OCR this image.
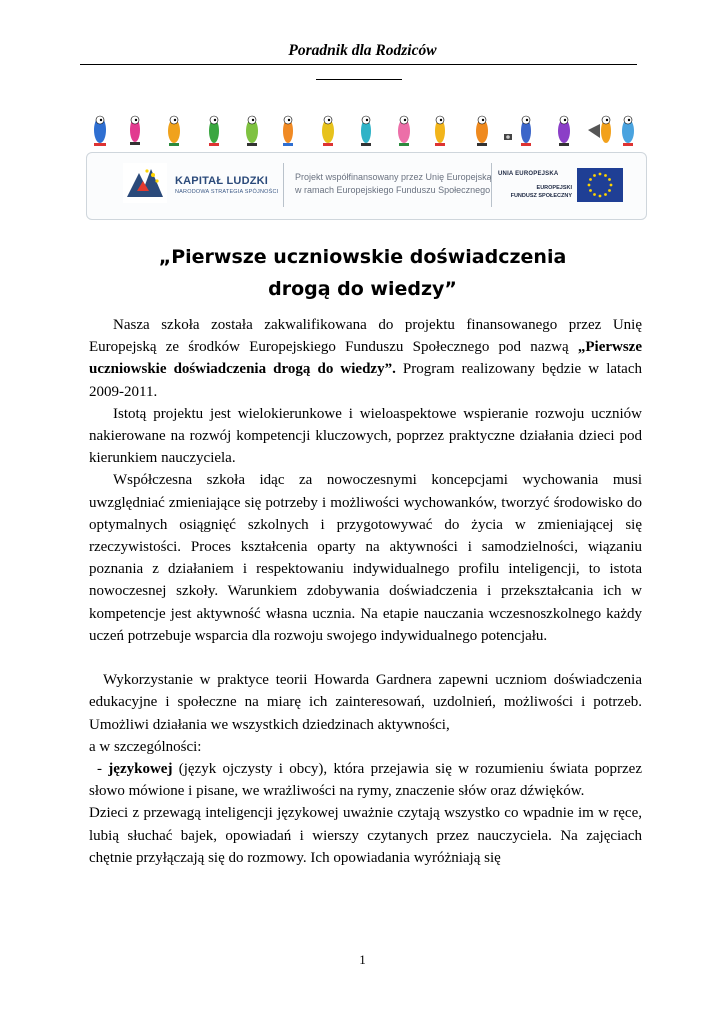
Poradnik dla Rodziców
KAPITAŁ LUDZKI
NARODOWA STRATEGIA SPÓJNOŚCI
Projekt współfinansowany przez Unię Europejską
w ramach Europejskiego Funduszu Społecznego
UNIA EUROPEJSKA
EUROPEJSKI
FUNDUSZ SPOŁECZNY
„Pierwsze uczniowskie doświadczenia
drogą do wiedzy”

Nasza szkoła została zakwalifikowana do projektu finansowanego przez Unię Europejską ze środków Europejskiego Funduszu Społecznego pod nazwą „Pierwsze uczniowskie doświadczenia drogą do wiedzy”. Program realizowany będzie w latach 2009-2011.

Istotą projektu jest wielokierunkowe i wieloaspektowe wspieranie rozwoju uczniów nakierowane na rozwój kompetencji kluczowych, poprzez praktyczne działania dzieci pod kierunkiem nauczyciela.

Współczesna szkoła idąc za nowoczesnymi koncepcjami wychowania musi uwzględniać zmieniające się potrzeby i możliwości wychowanków, tworzyć środowisko do optymalnych osiągnięć szkolnych i przygotowywać do życia w zmieniającej się rzeczywistości. Proces kształcenia oparty na aktywności i samodzielności, wiązaniu poznania z działaniem i respektowaniu indywidualnego profilu inteligencji, to istota nowoczesnej szkoły. Warunkiem zdobywania doświadczenia i przekształcania ich w kompetencje jest aktywność własna ucznia. Na etapie nauczania wczesnoszkolnego każdy uczeń potrzebuje wsparcia dla rozwoju swojego indywidualnego potencjału.

Wykorzystanie w praktyce teorii Howarda Gardnera zapewni uczniom doświadczenia edukacyjne i społeczne na miarę ich zainteresowań, uzdolnień, możliwości i potrzeb. Umożliwi działania we wszystkich dziedzinach aktywności,

a w szczególności:

- językowej (język ojczysty i obcy), która przejawia się w rozumieniu świata poprzez słowo mówione i pisane, we wrażliwości na rymy, znaczenie słów oraz dźwięków.

Dzieci z przewagą inteligencji językowej uważnie czytają wszystko co wpadnie im w ręce, lubią słuchać bajek, opowiadań i wierszy czytanych przez nauczyciela. Na zajęciach chętnie przyłączają się do rozmowy. Ich opowiadania wyróżniają się

1
